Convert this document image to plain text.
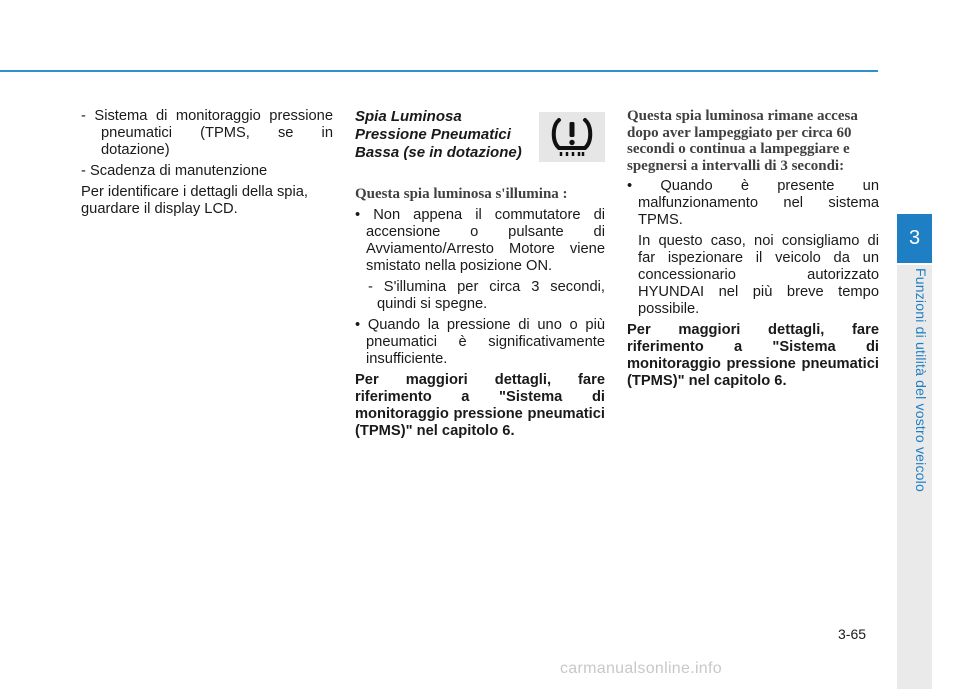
3
Funzioni di utilità del vostro veicolo

- Sistema di monitoraggio pressione pneumatici (TPMS, se in dotazione)

- Scadenza di manutenzione

Per identificare i dettagli della spia, guardare il display LCD.

Spia Luminosa Pressione Pneumatici Bassa (se in dotazione)

Questa spia luminosa s'illumina :

• Non appena il commutatore di accensione o pulsante di Avviamento/Arresto Motore viene smistato nella posizione ON.

- S'illumina per circa 3 secondi, quindi si spegne.

• Quando la pressione di uno o più pneumatici è significativamente insufficiente.

Per maggiori dettagli, fare riferimento a "Sistema di monitoraggio pressione pneumatici (TPMS)" nel capitolo 6.

Questa spia luminosa rimane accesa dopo aver lampeggiato per circa 60 secondi o continua a lampeggiare e spegnersi a intervalli di 3 secondi:

• Quando è presente un malfunzionamento nel sistema TPMS.

In questo caso, noi consigliamo di far ispezionare il veicolo da un concessionario autorizzato HYUNDAI nel più breve tempo possibile.

Per maggiori dettagli, fare riferimento a "Sistema di monitoraggio pressione pneumatici (TPMS)" nel capitolo 6.

3-65
carmanualsonline.info
